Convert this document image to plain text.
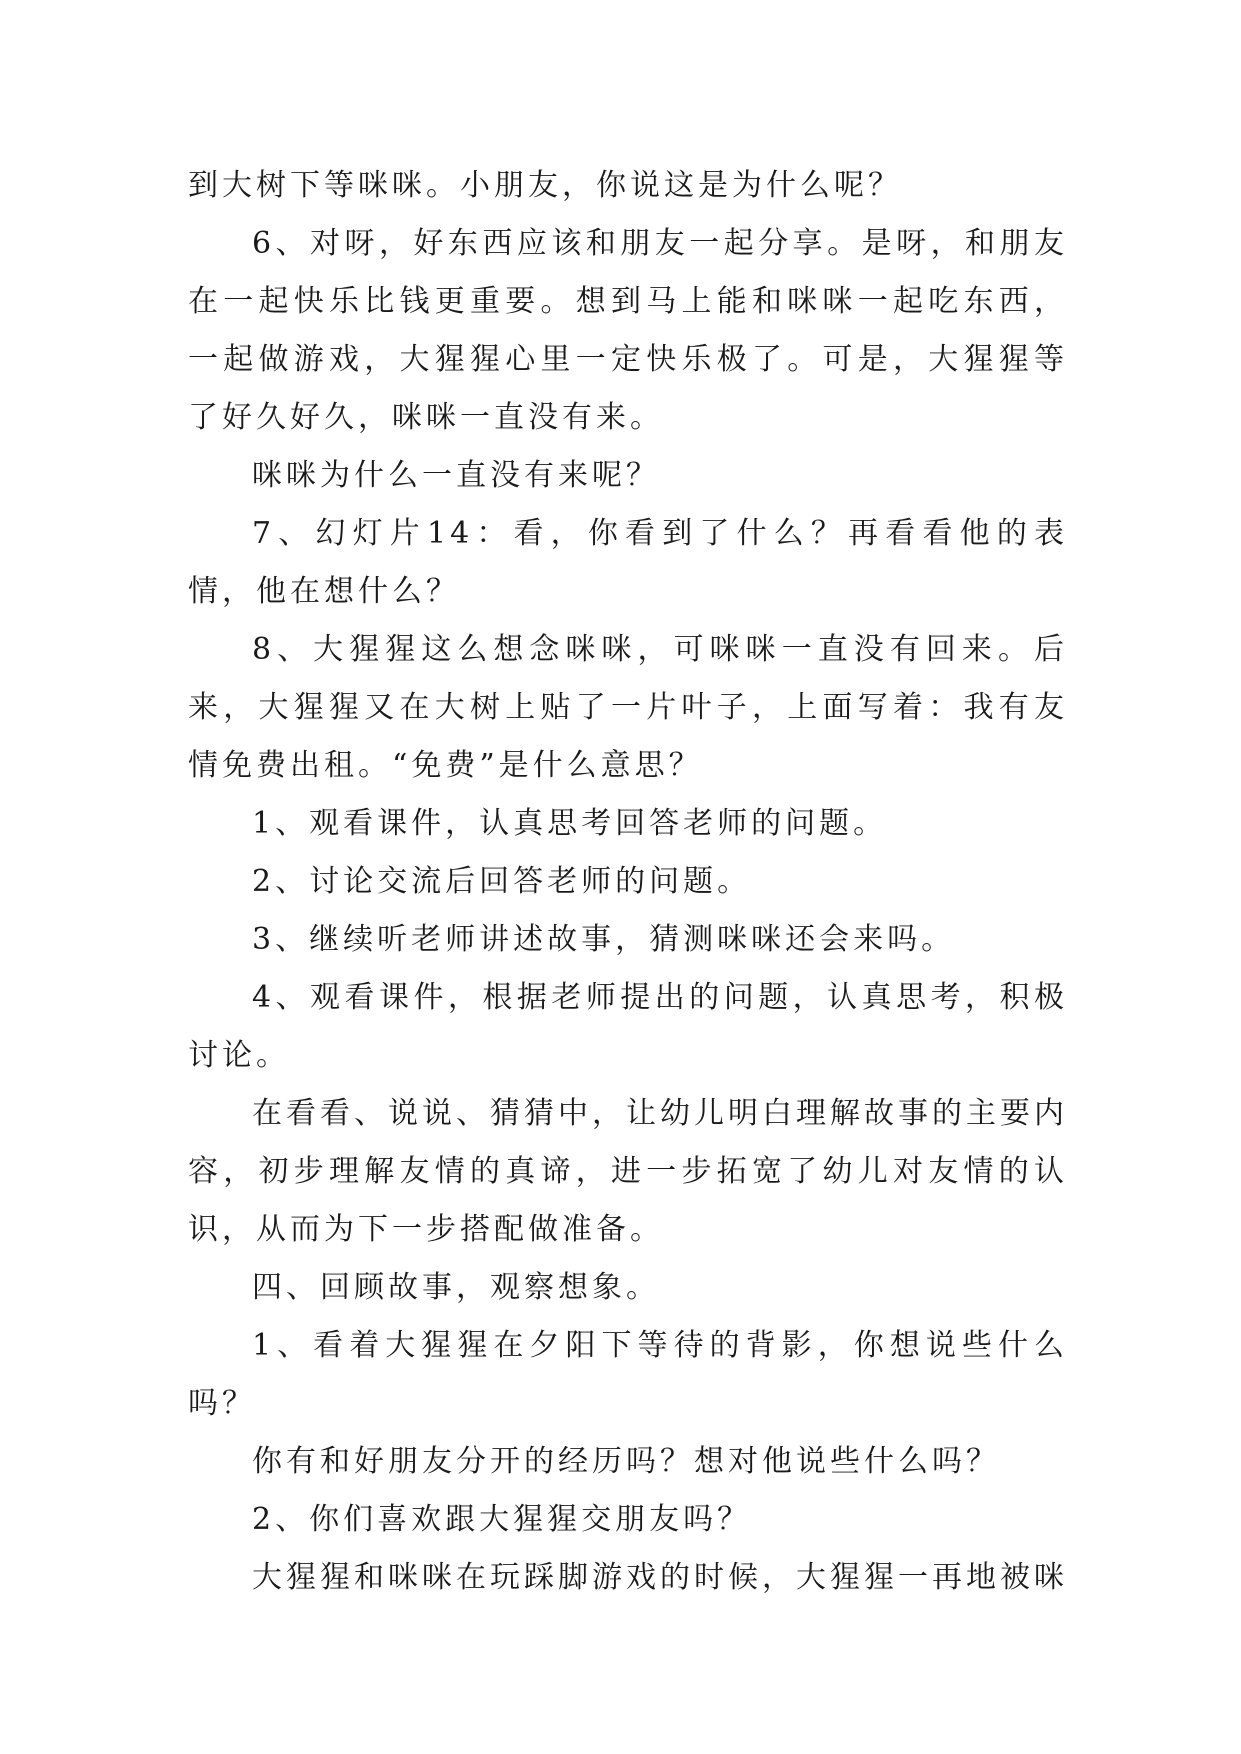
到大树下等咪咪。小朋友，你说这是为什么呢？

6、对呀，好东西应该和朋友一起分享。是呀，和朋友在一起快乐比钱更重要。想到马上能和咪咪一起吃东西，一起做游戏，大猩猩心里一定快乐极了。可是，大猩猩等了好久好久，咪咪一直没有来。

咪咪为什么一直没有来呢？

7、幻灯片14：看，你看到了什么？再看看他的表情，他在想什么？

8、大猩猩这么想念咪咪，可咪咪一直没有回来。后来，大猩猩又在大树上贴了一片叶子，上面写着：我有友情免费出租。“免费”是什么意思？

1、观看课件，认真思考回答老师的问题。

2、讨论交流后回答老师的问题。

3、继续听老师讲述故事，猜测咪咪还会来吗。

4、观看课件，根据老师提出的问题，认真思考，积极讨论。

在看看、说说、猜猜中，让幼儿明白理解故事的主要内容，初步理解友情的真谛，进一步拓宽了幼儿对友情的认识，从而为下一步搭配做准备。

四、回顾故事，观察想象。

1、看着大猩猩在夕阳下等待的背影，你想说些什么吗？

你有和好朋友分开的经历吗？想对他说些什么吗？

2、你们喜欢跟大猩猩交朋友吗？

大猩猩和咪咪在玩踩脚游戏的时候，大猩猩一再地被咪
